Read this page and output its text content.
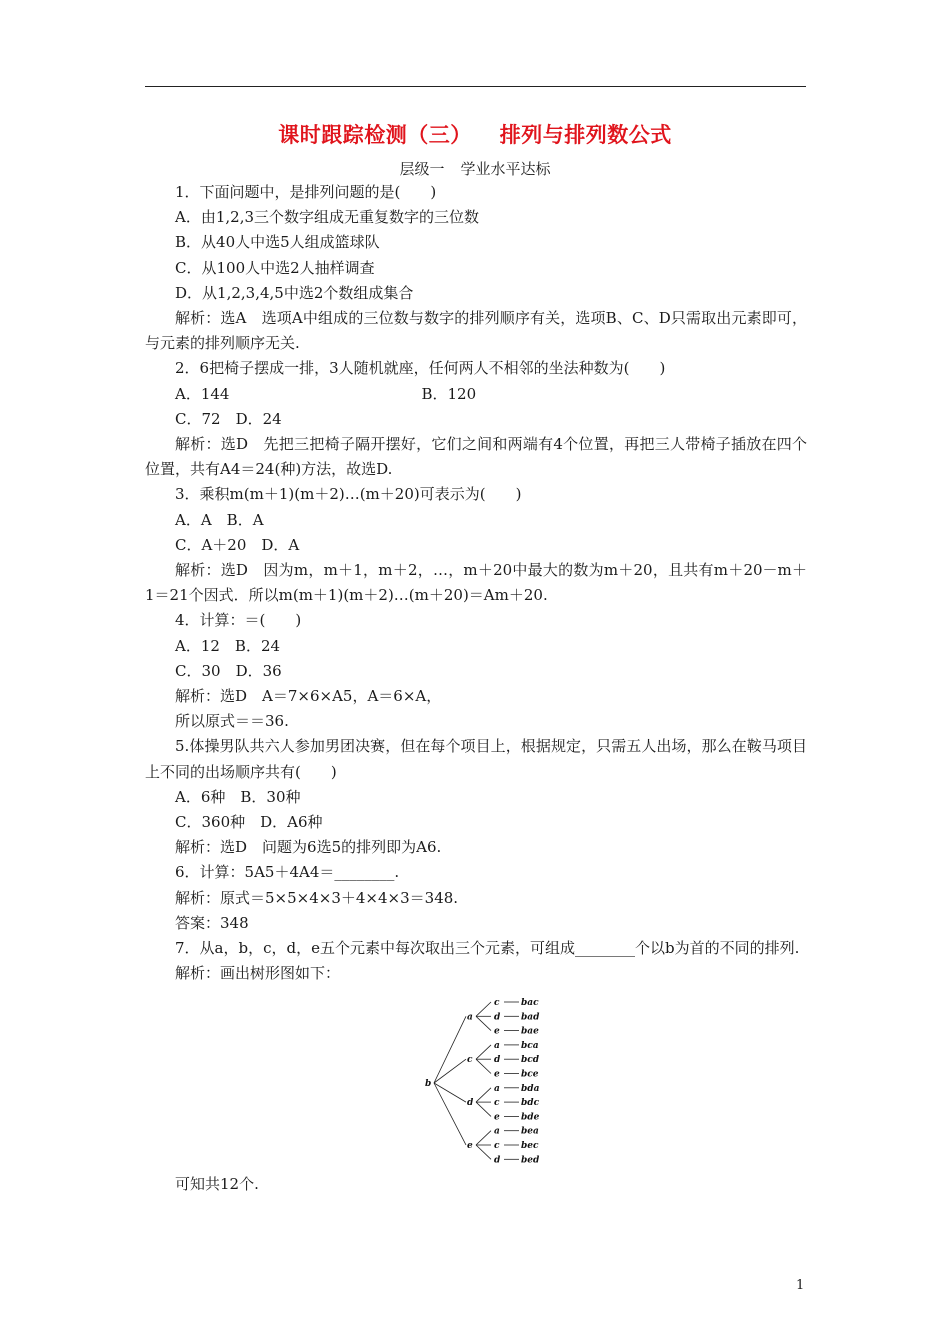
课时跟踪检测（三） 排列与排列数公式
层级一 学业水平达标

1．下面问题中，是排列问题的是(　　)

A．由1,2,3三个数字组成无重复数字的三位数

B．从40人中选5人组成篮球队

C．从100人中选2人抽样调查

D．从1,2,3,4,5中选2个数组成集合

解析：选A　选项A中组成的三位数与数字的排列顺序有关，选项B、C、D只需取出元素即可，与元素的排列顺序无关.

2．6把椅子摆成一排，3人随机就座，任何两人不相邻的坐法种数为(　　)

A．144	B．120

C．72　D．24

解析：选D　先把三把椅子隔开摆好，它们之间和两端有4个位置，再把三人带椅子插放在四个位置，共有A4＝24(种)方法，故选D.

3．乘积m(m＋1)(m＋2)…(m＋20)可表示为(　　)

A．A　B．A

C．A＋20　D．A

解析：选D　因为m，m＋1，m＋2，…，m＋20中最大的数为m＋20，且共有m＋20－m＋1＝21个因式．所以m(m＋1)(m＋2)…(m＋20)＝Am＋20.

4．计算：＝(　　)

A．12　B．24

C．30　D．36

解析：选D　A＝7×6×A5，A＝6×A，

所以原式＝＝36.

5.体操男队共六人参加男团决赛，但在每个项目上，根据规定，只需五人出场，那么在鞍马项目上不同的出场顺序共有(　　)

A．6种　B．30种

C．360种　D．A6种

解析：选D　问题为6选5的排列即为A6.

6．计算：5A5＋4A4＝________.

解析：原式＝5×5×4×3＋4×4×3＝348.

答案：348

7．从a，b，c，d，e五个元素中每次取出三个元素，可组成________个以b为首的不同的排列.

解析：画出树形图如下：

b
a
c bac
d bad
e bae
c
a bca
d bcd
e bce
d
a bda
c bdc
e bde
e
a bea
c bec
d bed

可知共12个.

1
